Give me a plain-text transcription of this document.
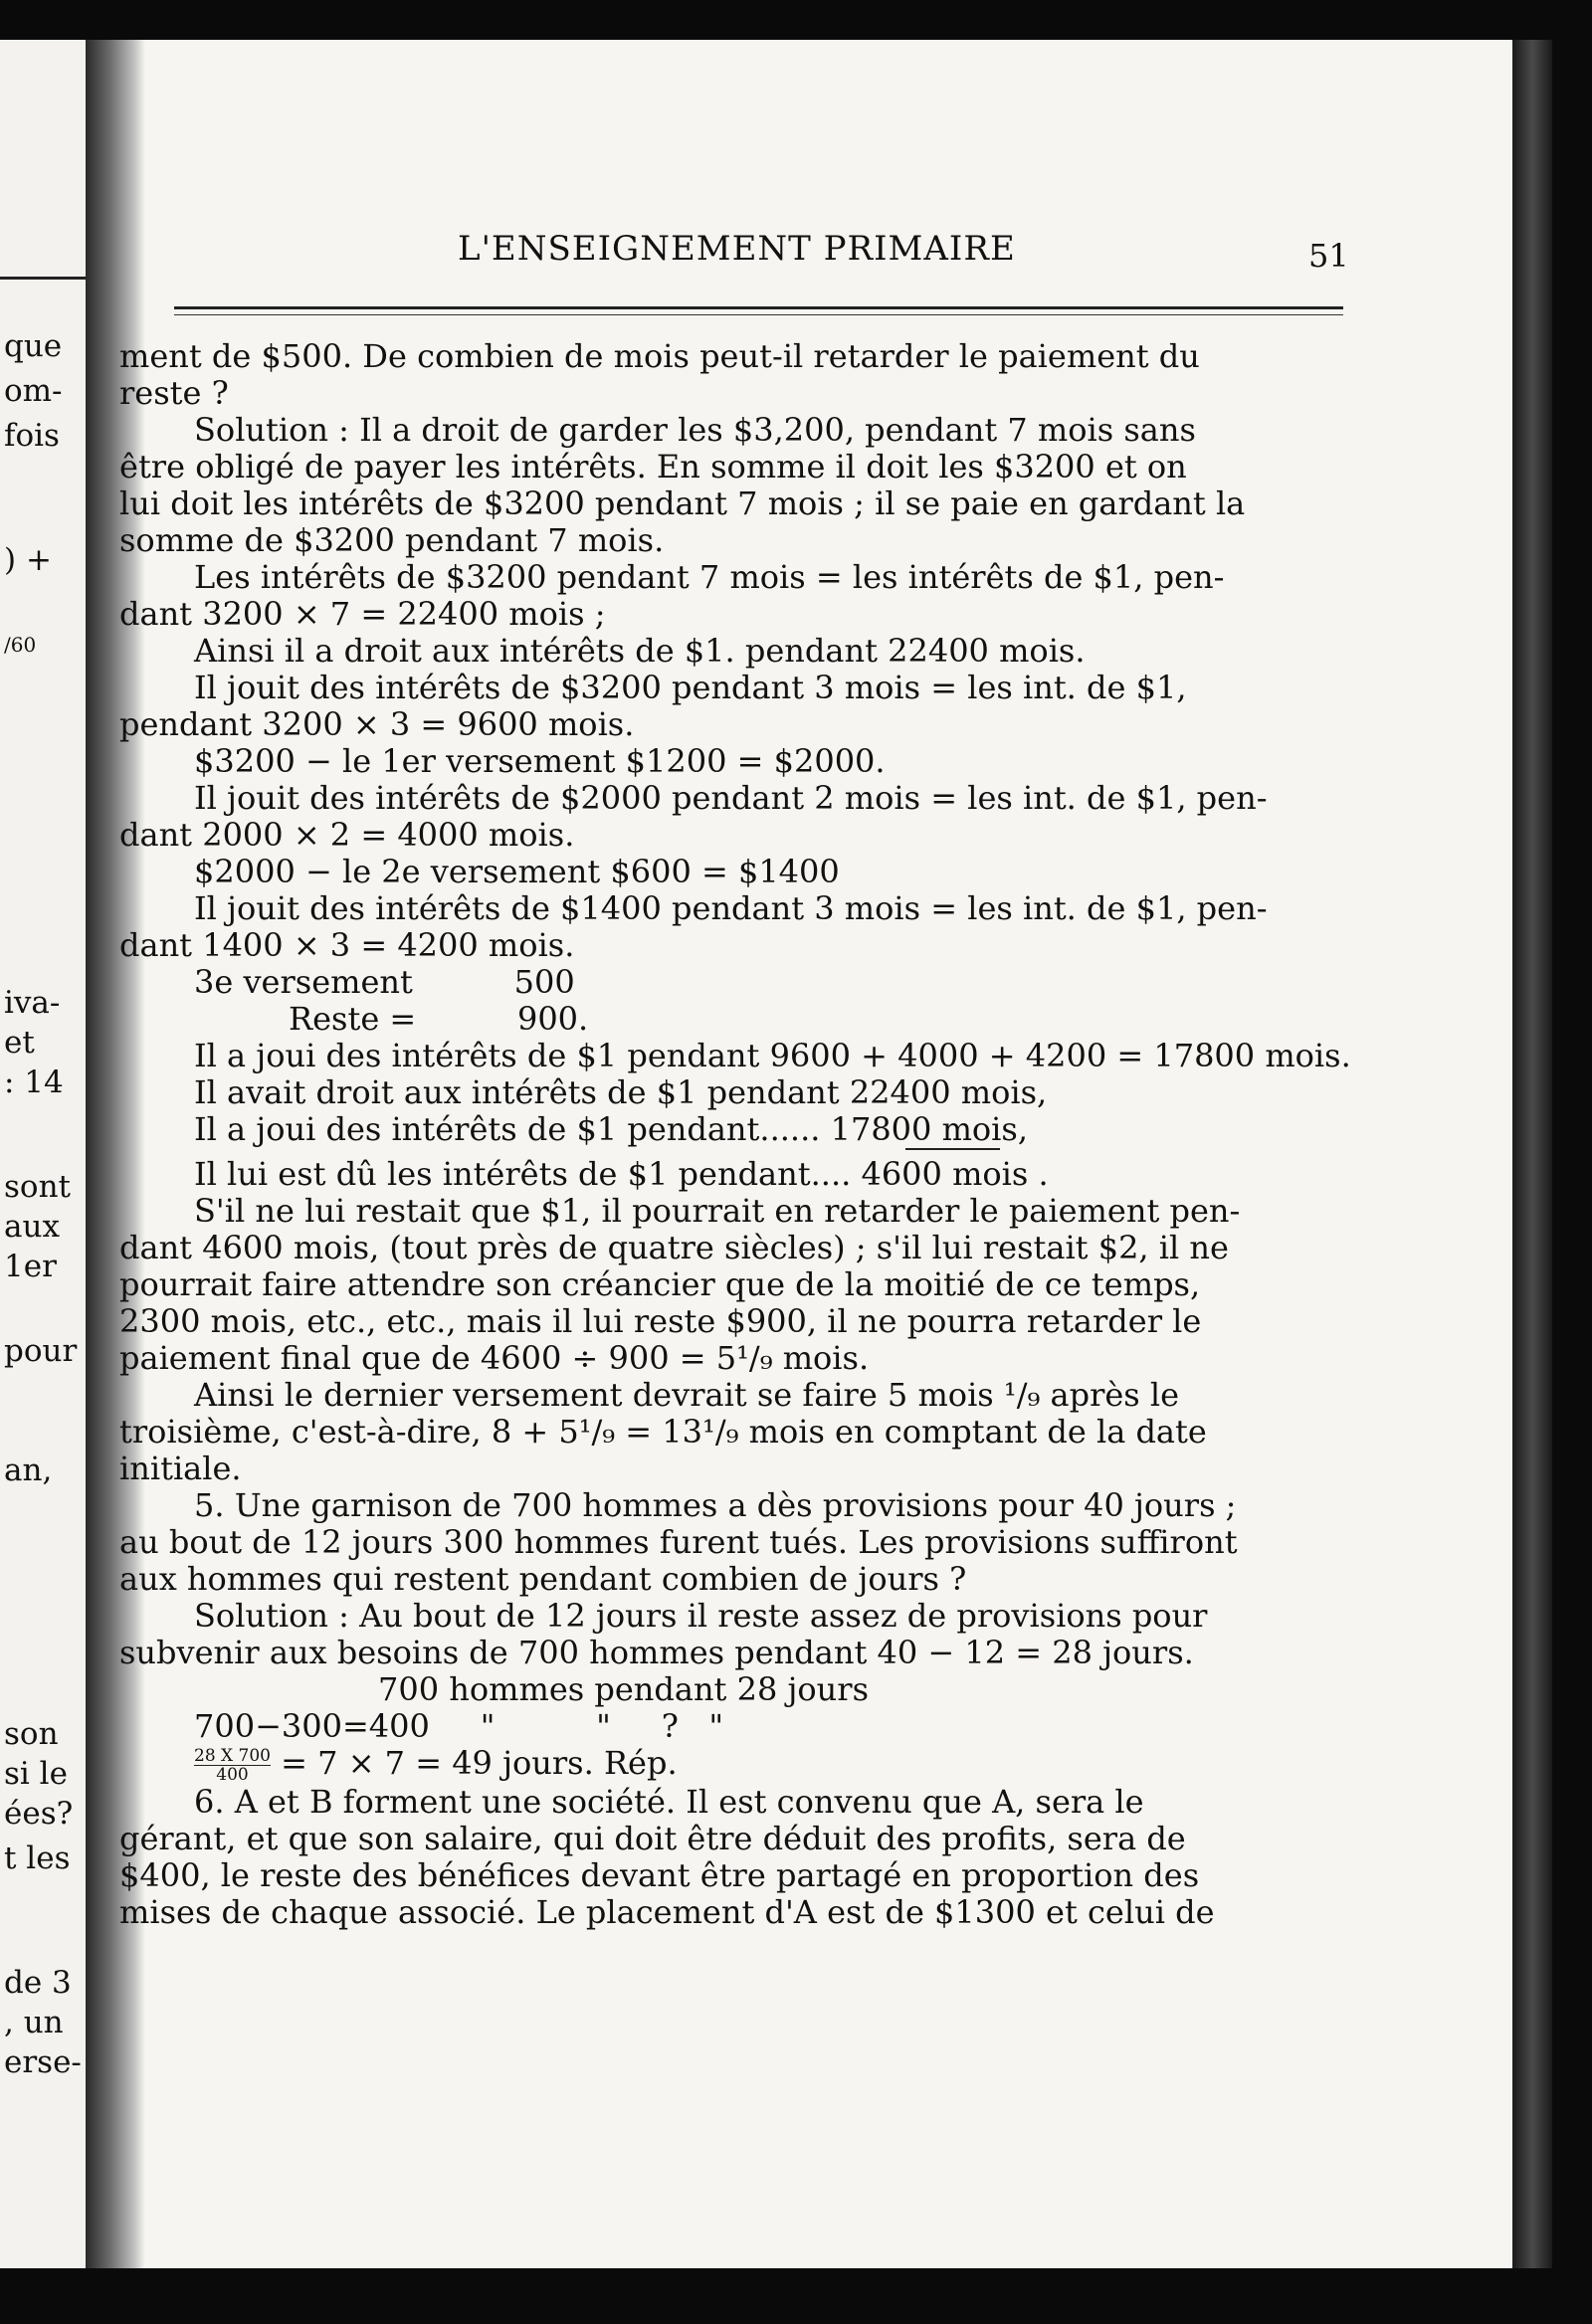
que
om-
fois
) +
/60
iva-
et
: 14
sont
aux
1er
pour
an,
son
si le
ées?
t les
de 3
, un
erse-
L'ENSEIGNEMENT PRIMAIRE	51

ment de $500. De combien de mois peut-il retarder le paiement du

reste ?

Solution : Il a droit de garder les $3,200, pendant 7 mois sans

être obligé de payer les intérêts. En somme il doit les $3200 et on

lui doit les intérêts de $3200 pendant 7 mois ; il se paie en gardant la

somme de $3200 pendant 7 mois.

Les intérêts de $3200 pendant 7 mois = les intérêts de $1, pen-

dant 3200 × 7 = 22400 mois ;

Ainsi il a droit aux intérêts de $1. pendant 22400 mois.

Il jouit des intérêts de $3200 pendant 3 mois = les int. de $1,

pendant 3200 × 3 = 9600 mois.

$3200 − le 1er versement $1200 = $2000.

Il jouit des intérêts de $2000 pendant 2 mois = les int. de $1, pen-

dant 2000 × 2 = 4000 mois.

$2000 − le 2e versement $600 = $1400

Il jouit des intérêts de $1400 pendant 3 mois = les int. de $1, pen-

dant 1400 × 3 = 4200 mois.

3e versement          500

Reste =          900.

Il a joui des intérêts de $1 pendant 9600 + 4000 + 4200 = 17800 mois.

Il avait droit aux intérêts de $1 pendant 22400 mois,

Il a joui des intérêts de $1 pendant...... 17800 mois,

Il lui est dû les intérêts de $1 pendant.... 4600 mois .

S'il ne lui restait que $1, il pourrait en retarder le paiement pen-

dant 4600 mois, (tout près de quatre siècles) ; s'il lui restait $2, il ne

pourrait faire attendre son créancier que de la moitié de ce temps,

2300 mois, etc., etc., mais il lui reste $900, il ne pourra retarder le

paiement final que de 4600 ÷ 900 = 5¹/₉ mois.

Ainsi le dernier versement devrait se faire 5 mois ¹/₉ après le

troisième, c'est-à-dire, 8 + 5¹/₉ = 13¹/₉ mois en comptant de la date

initiale.

5. Une garnison de 700 hommes a dès provisions pour 40 jours ;

au bout de 12 jours 300 hommes furent tués. Les provisions suffiront

aux hommes qui restent pendant combien de jours ?

Solution : Au bout de 12 jours il reste assez de provisions pour

subvenir aux besoins de 700 hommes pendant 40 − 12 = 28 jours.

700 hommes pendant 28 jours

700−300=400     "          "     ?   "

$\frac{28 X 700}{400} = 7 \times 7 = 49$ jours. Rép.

6. A et B forment une société. Il est convenu que A, sera le

gérant, et que son salaire, qui doit être déduit des profits, sera de

$400, le reste des bénéfices devant être partagé en proportion des

mises de chaque associé. Le placement d'A est de $1300 et celui de
